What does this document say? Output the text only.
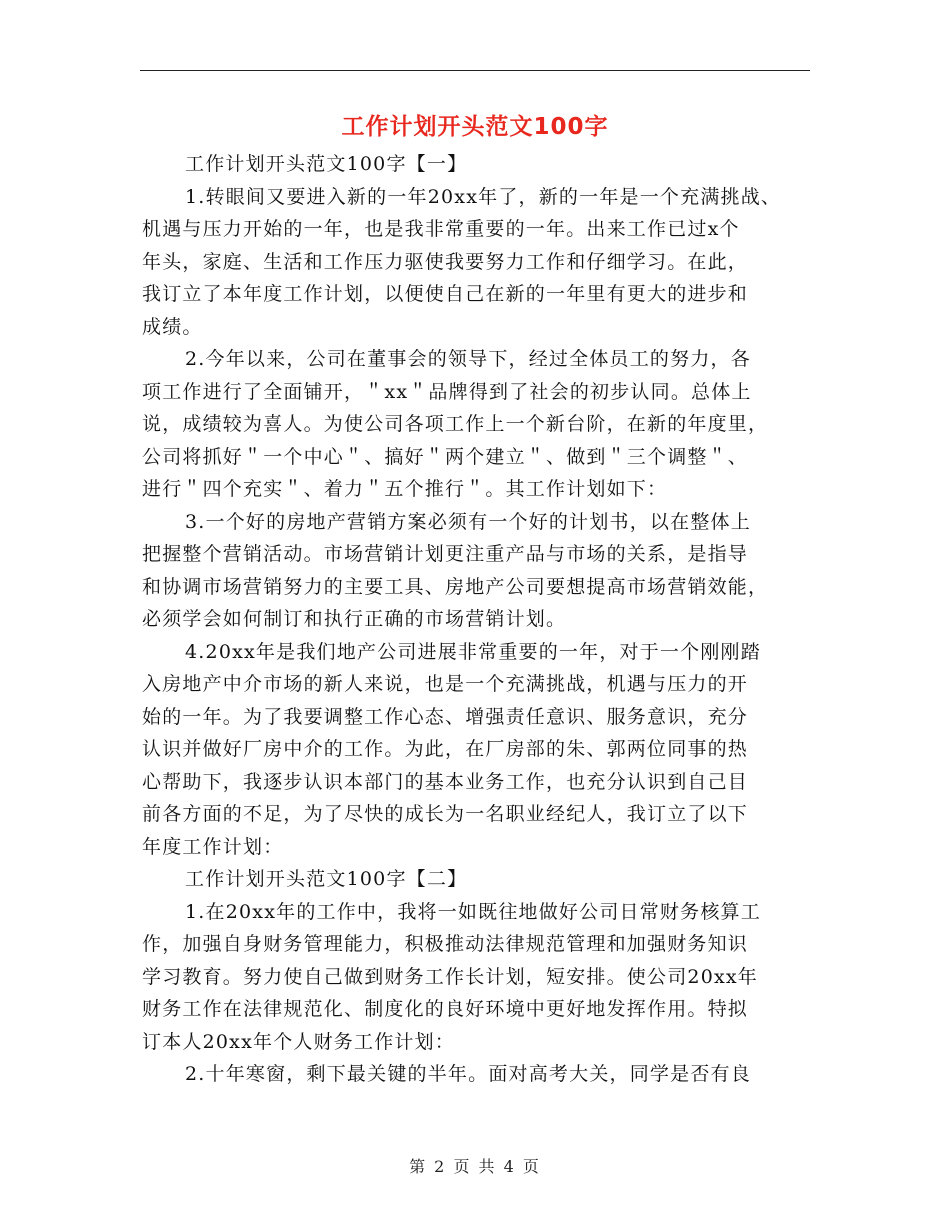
工作计划开头范文100字
工作计划开头范文100字【一】
1.转眼间又要进入新的一年20xx年了，新的一年是一个充满挑战、
机遇与压力开始的一年，也是我非常重要的一年。出来工作已过x个
年头，家庭、生活和工作压力驱使我要努力工作和仔细学习。在此，
我订立了本年度工作计划，以便使自己在新的一年里有更大的进步和
成绩。
2.今年以来，公司在董事会的领导下，经过全体员工的努力，各
项工作进行了全面铺开，＂xx＂品牌得到了社会的初步认同。总体上
说，成绩较为喜人。为使公司各项工作上一个新台阶，在新的年度里，
公司将抓好＂一个中心＂、搞好＂两个建立＂、做到＂三个调整＂、
进行＂四个充实＂、着力＂五个推行＂。其工作计划如下：
3.一个好的房地产营销方案必须有一个好的计划书，以在整体上
把握整个营销活动。市场营销计划更注重产品与市场的关系，是指导
和协调市场营销努力的主要工具、房地产公司要想提高市场营销效能，
必须学会如何制订和执行正确的市场营销计划。
4.20xx年是我们地产公司进展非常重要的一年，对于一个刚刚踏
入房地产中介市场的新人来说，也是一个充满挑战，机遇与压力的开
始的一年。为了我要调整工作心态、增强责任意识、服务意识，充分
认识并做好厂房中介的工作。为此，在厂房部的朱、郭两位同事的热
心帮助下，我逐步认识本部门的基本业务工作，也充分认识到自己目
前各方面的不足，为了尽快的成长为一名职业经纪人，我订立了以下
年度工作计划：
工作计划开头范文100字【二】
1.在20xx年的工作中，我将一如既往地做好公司日常财务核算工
作，加强自身财务管理能力，积极推动法律规范管理和加强财务知识
学习教育。努力使自己做到财务工作长计划，短安排。使公司20xx年
财务工作在法律规范化、制度化的良好环境中更好地发挥作用。特拟
订本人20xx年个人财务工作计划：
2.十年寒窗，剩下最关键的半年。面对高考大关，同学是否有良
第 2 页 共 4 页
